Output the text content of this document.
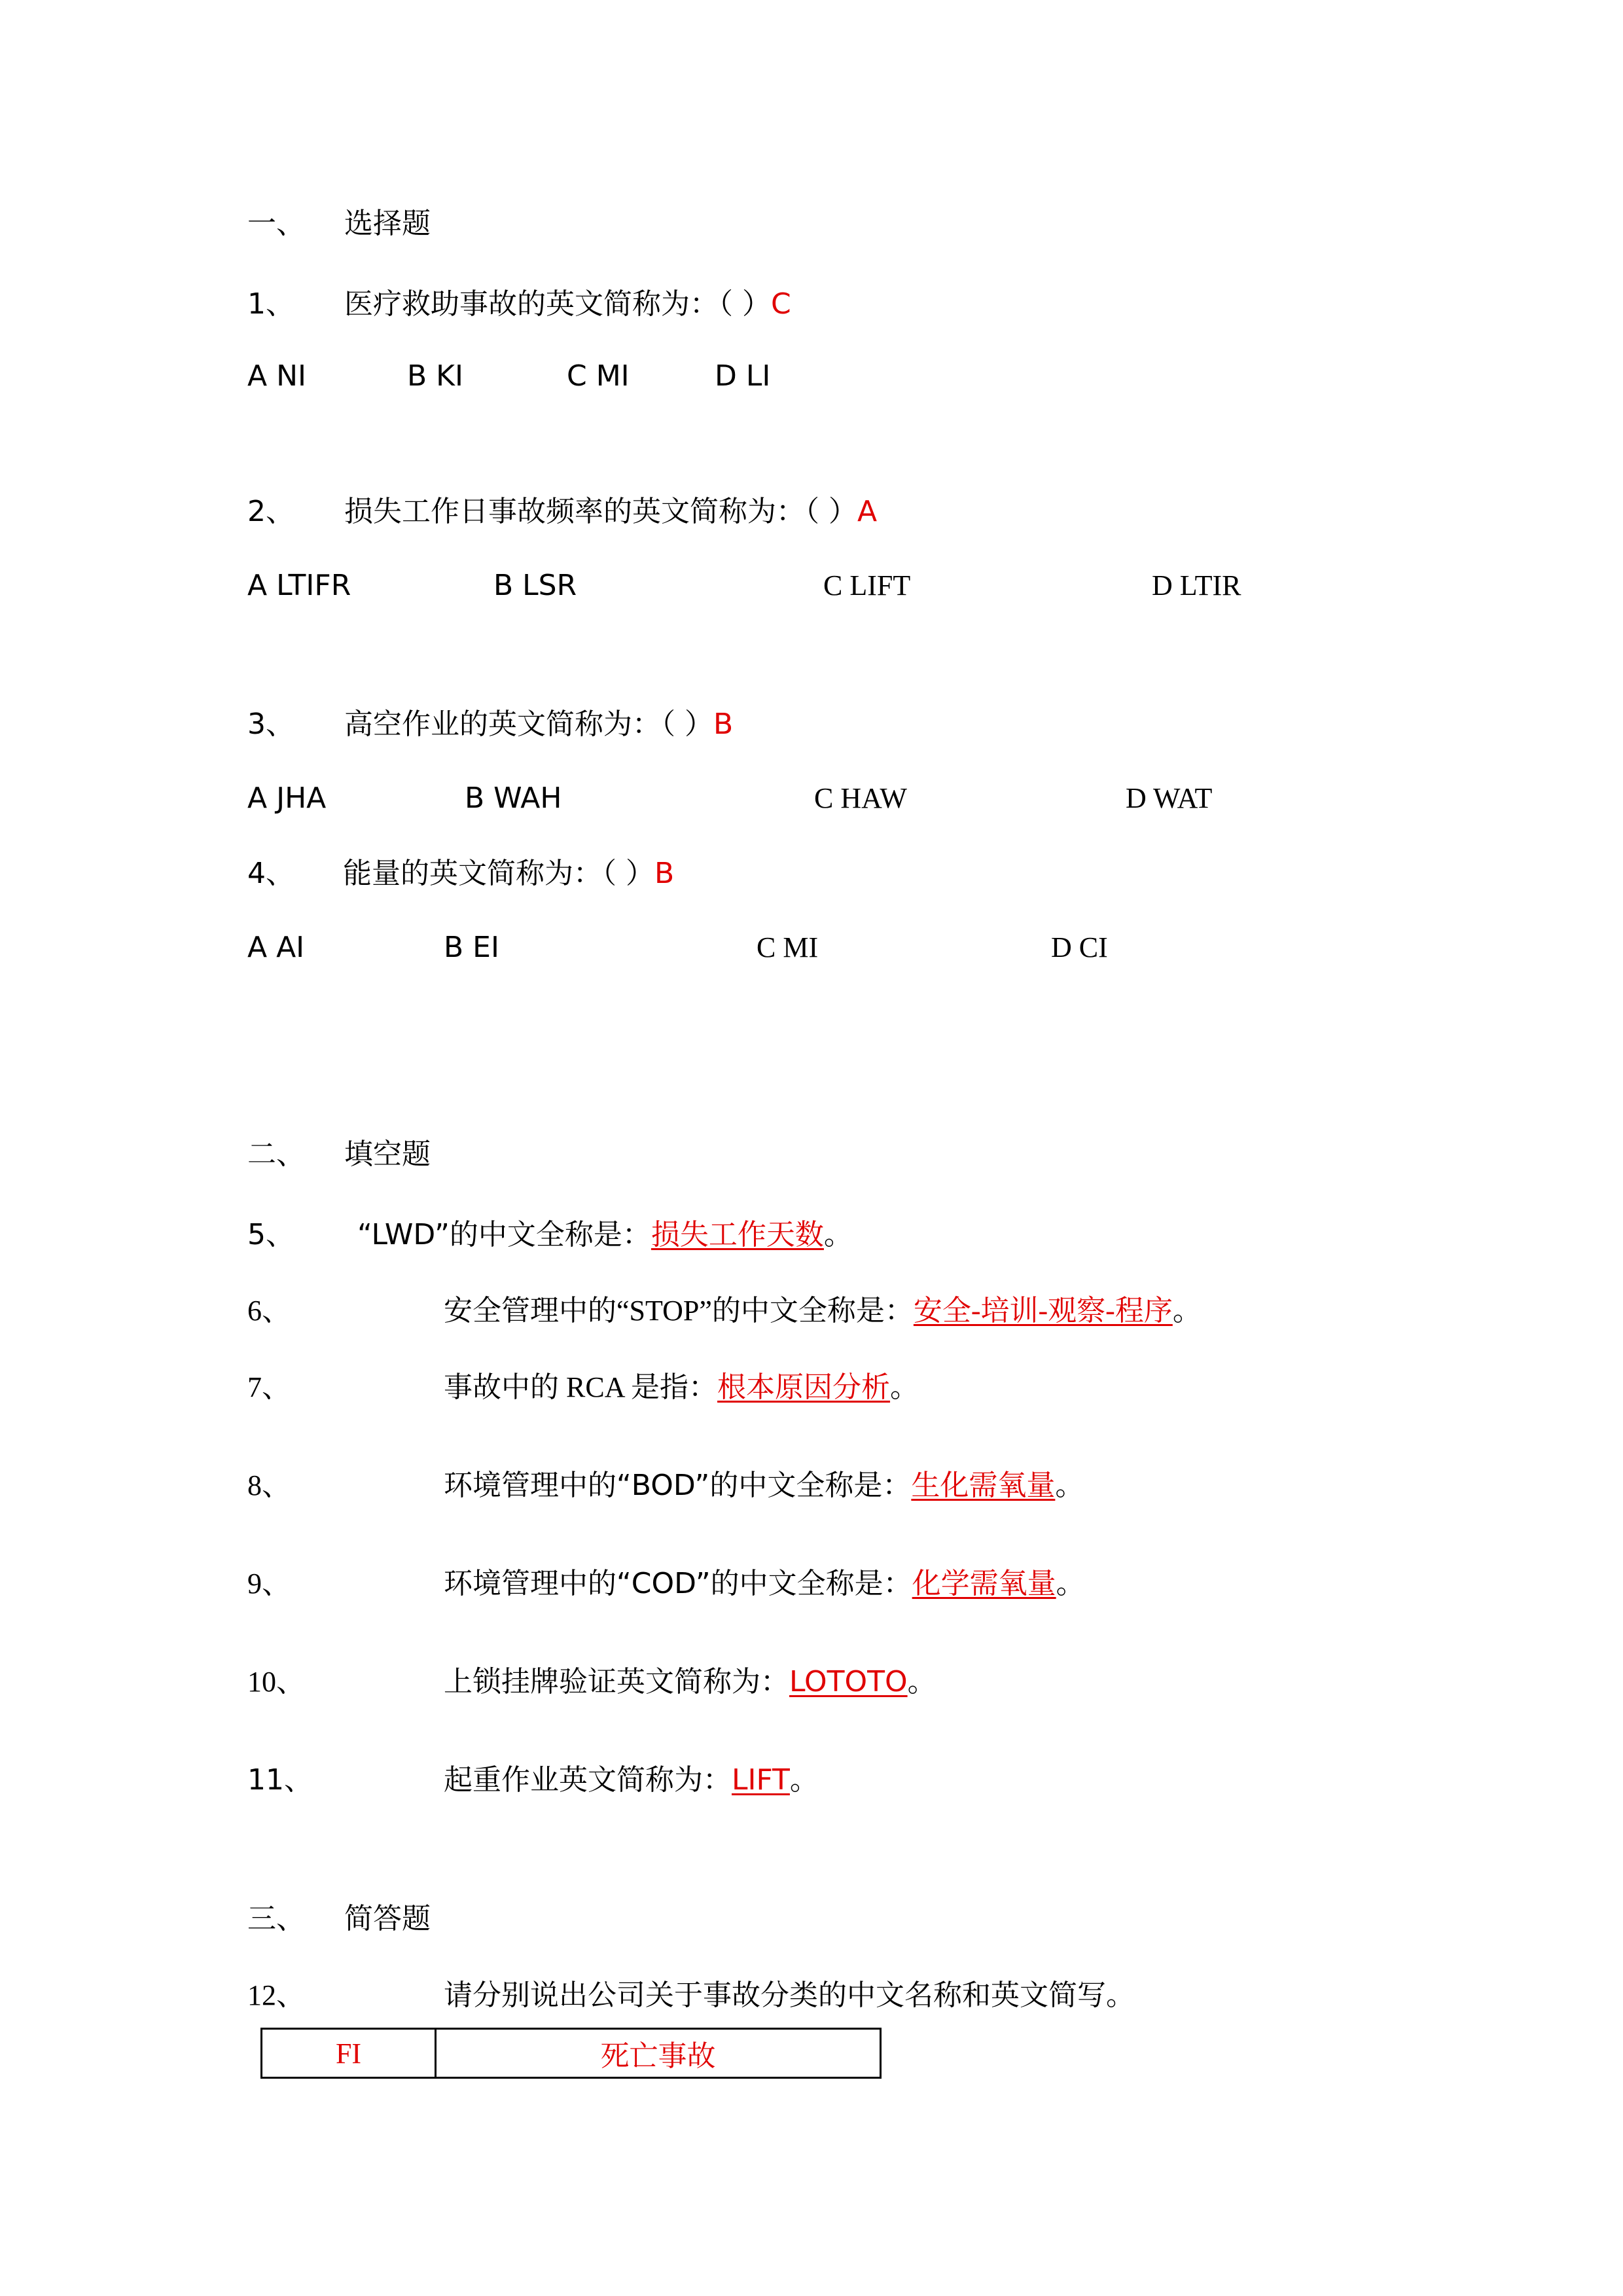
一、 选择题
1、 医疗救助事故的英文简称为：（ ）C
A NI	B KI	C MI	D LI
2、 损失工作日事故频率的英文简称为：（ ）A
A LTIFR	B LSR	C LIFT	D LTIR
3、 高空作业的英文简称为：（ ）B
A JHA	B WAH	C HAW	D WAT
4、 能量的英文简称为：（ ）B
A AI	B EI	C MI	D CI
二、 填空题
5、 “LWD”的中文全称是：损失工作天数。
6、	安全管理中的“STOP”的中文全称是：安全-培训-观察-程序。
7、	事故中的 RCA 是指：根本原因分析。
8、	环境管理中的“BOD”的中文全称是：生化需氧量。
9、	环境管理中的“COD”的中文全称是：化学需氧量。
10、	上锁挂牌验证英文简称为：LOTOTO。
11、	起重作业英文简称为：LIFT。
三、 简答题
12、	请分别说出公司关于事故分类的中文名称和英文简写。
FI	死亡事故
